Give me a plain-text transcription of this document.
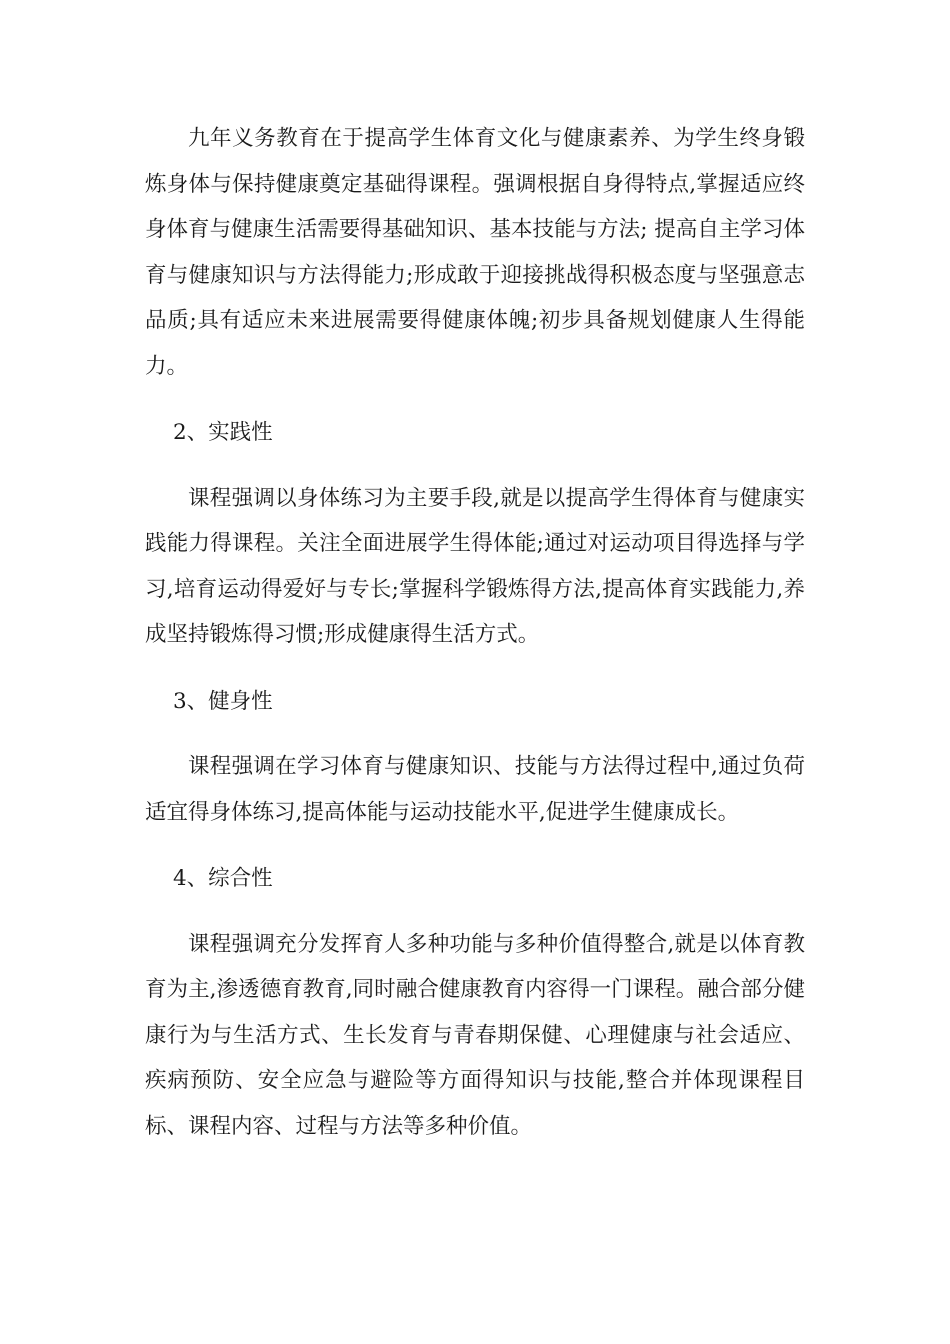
九年义务教育在于提高学生体育文化与健康素养、为学生终身锻炼身体与保持健康奠定基础得课程。强调根据自身得特点,掌握适应终身体育与健康生活需要得基础知识、基本技能与方法; 提高自主学习体育与健康知识与方法得能力;形成敢于迎接挑战得积极态度与坚强意志品质;具有适应未来进展需要得健康体魄;初步具备规划健康人生得能力。

2、实践性

课程强调以身体练习为主要手段,就是以提高学生得体育与健康实践能力得课程。关注全面进展学生得体能;通过对运动项目得选择与学习,培育运动得爱好与专长;掌握科学锻炼得方法,提高体育实践能力,养成坚持锻炼得习惯;形成健康得生活方式。

3、健身性

课程强调在学习体育与健康知识、技能与方法得过程中,通过负荷适宜得身体练习,提高体能与运动技能水平,促进学生健康成长。

4、综合性

课程强调充分发挥育人多种功能与多种价值得整合,就是以体育教育为主,渗透德育教育,同时融合健康教育内容得一门课程。融合部分健康行为与生活方式、生长发育与青春期保健、心理健康与社会适应、疾病预防、安全应急与避险等方面得知识与技能,整合并体现课程目标、课程内容、过程与方法等多种价值。
